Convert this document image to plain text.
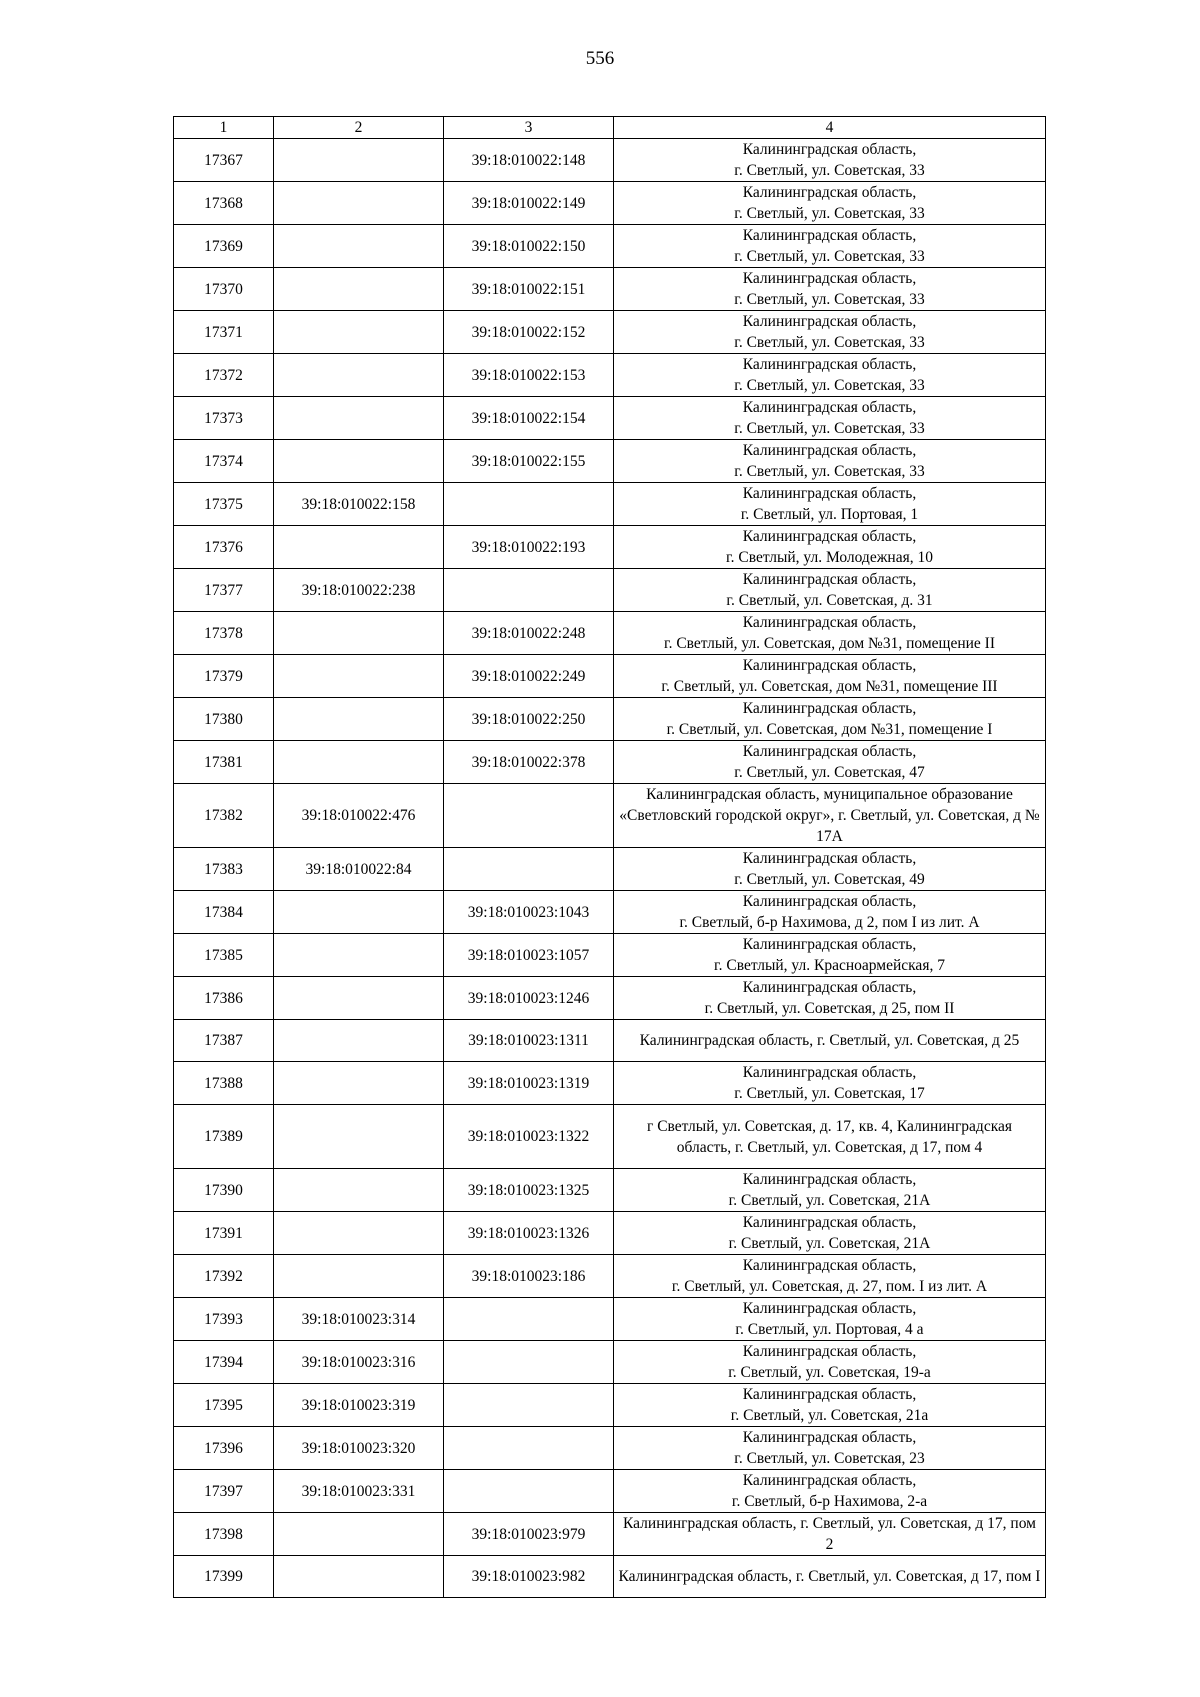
556
1	2	3	4
17367		39:18:010022:148	Калининградская область,
г. Светлый, ул. Советская, 33
17368		39:18:010022:149	Калининградская область,
г. Светлый, ул. Советская, 33
17369		39:18:010022:150	Калининградская область,
г. Светлый, ул. Советская, 33
17370		39:18:010022:151	Калининградская область,
г. Светлый, ул. Советская, 33
17371		39:18:010022:152	Калининградская область,
г. Светлый, ул. Советская, 33
17372		39:18:010022:153	Калининградская область,
г. Светлый, ул. Советская, 33
17373		39:18:010022:154	Калининградская область,
г. Светлый, ул. Советская, 33
17374		39:18:010022:155	Калининградская область,
г. Светлый, ул. Советская, 33
17375	39:18:010022:158		Калининградская область,
г. Светлый, ул. Портовая, 1
17376		39:18:010022:193	Калининградская область,
г. Светлый, ул. Молодежная, 10
17377	39:18:010022:238		Калининградская область,
г. Светлый, ул. Советская, д. 31
17378		39:18:010022:248	Калининградская область,
г. Светлый, ул. Советская, дом №31, помещение II
17379		39:18:010022:249	Калининградская область,
г. Светлый, ул. Советская, дом №31, помещение III
17380		39:18:010022:250	Калининградская область,
г. Светлый, ул. Советская, дом №31, помещение I
17381		39:18:010022:378	Калининградская область,
г. Светлый, ул. Советская, 47
17382	39:18:010022:476		Калининградская область, муниципальное образование «Светловский городской округ», г. Светлый, ул. Советская, д № 17А
17383	39:18:010022:84		Калининградская область,
г. Светлый, ул. Советская, 49
17384		39:18:010023:1043	Калининградская область,
г. Светлый, б-р Нахимова, д 2, пом I из лит. А
17385		39:18:010023:1057	Калининградская область,
г. Светлый, ул. Красноармейская, 7
17386		39:18:010023:1246	Калининградская область,
г. Светлый, ул. Советская, д 25, пом II
17387		39:18:010023:1311	Калининградская область, г. Светлый, ул. Советская, д 25
17388		39:18:010023:1319	Калининградская область,
г. Светлый, ул. Советская, 17
17389		39:18:010023:1322	г Светлый, ул. Советская, д. 17, кв. 4, Калининградская область, г. Светлый, ул. Советская, д 17, пом 4
17390		39:18:010023:1325	Калининградская область,
г. Светлый, ул. Советская, 21А
17391		39:18:010023:1326	Калининградская область,
г. Светлый, ул. Советская, 21А
17392		39:18:010023:186	Калининградская область,
г. Светлый, ул. Советская, д. 27, пом. I из лит. А
17393	39:18:010023:314		Калининградская область,
г. Светлый, ул. Портовая, 4 а
17394	39:18:010023:316		Калининградская область,
г. Светлый, ул. Советская, 19-а
17395	39:18:010023:319		Калининградская область,
г. Светлый, ул. Советская, 21а
17396	39:18:010023:320		Калининградская область,
г. Светлый, ул. Советская, 23
17397	39:18:010023:331		Калининградская область,
г. Светлый, б-р Нахимова, 2-а
17398		39:18:010023:979	Калининградская область, г. Светлый, ул. Советская, д 17, пом 2
17399		39:18:010023:982	Калининградская область, г. Светлый, ул. Советская, д 17, пом I
